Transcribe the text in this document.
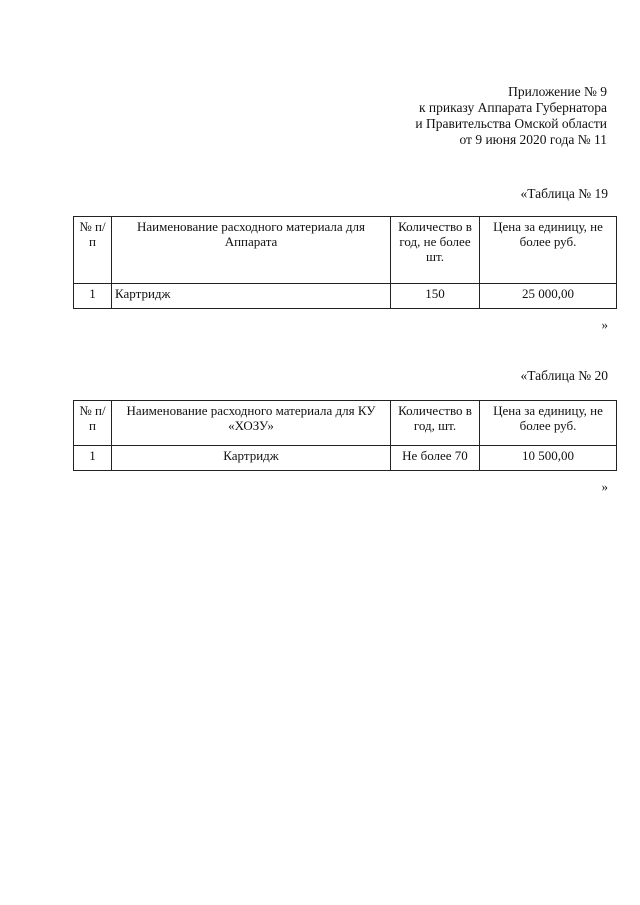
Приложение № 9
к приказу Аппарата Губернатора
и Правительства Омской области
от 9 июня 2020 года № 11
«Таблица № 19
№ п/п	Наименование расходного материала для Аппарата	Количество в год, не более шт.	Цена за единицу, не более руб.
1	Картридж	150	25 000,00
»
«Таблица № 20
№ п/п	Наименование расходного материала для КУ «ХОЗУ»	Количество в год, шт.	Цена за единицу, не более руб.
1	Картридж	Не более 70	10 500,00
»
